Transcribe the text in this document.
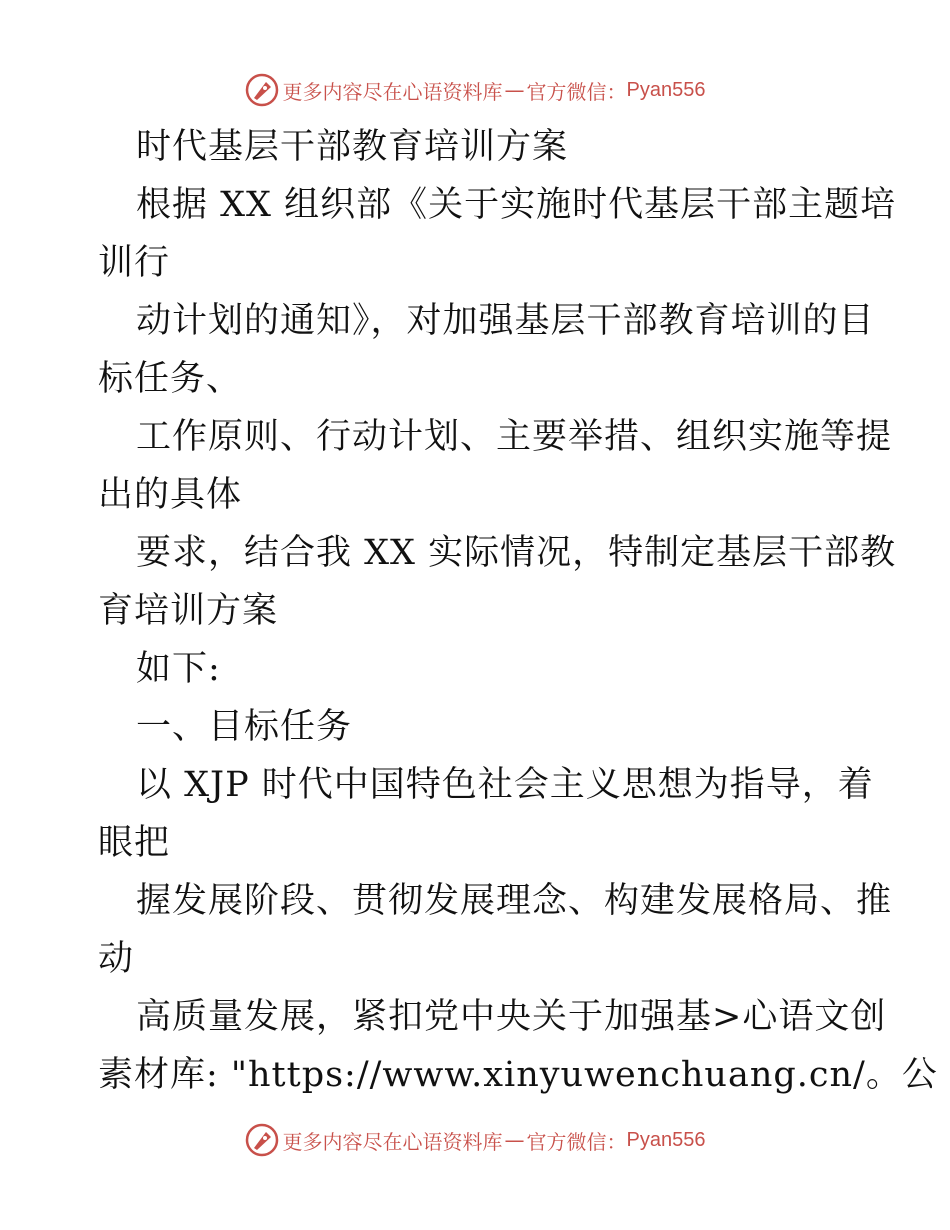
更多内容尽在心语资料库 — 官方微信： Pyan556
时代基层干部教育培训方案
根据 XX 组织部《关于实施时代基层干部主题培
训行
动计划的通知》，对加强基层干部教育培训的目
标任务、
工作原则、行动计划、主要举措、组织实施等提
出的具体
要求，结合我 XX 实际情况，特制定基层干部教
育培训方案
如下:
一、目标任务
以 XJP 时代中国特色社会主义思想为指导，着
眼把
握发展阶段、贯彻发展理念、构建发展格局、推
动
高质量发展，紧扣党中央关于加强基>心语文创
素材库: "https://www.xinyuwenchuang.cn/。公
更多内容尽在心语资料库 — 官方微信： Pyan556
